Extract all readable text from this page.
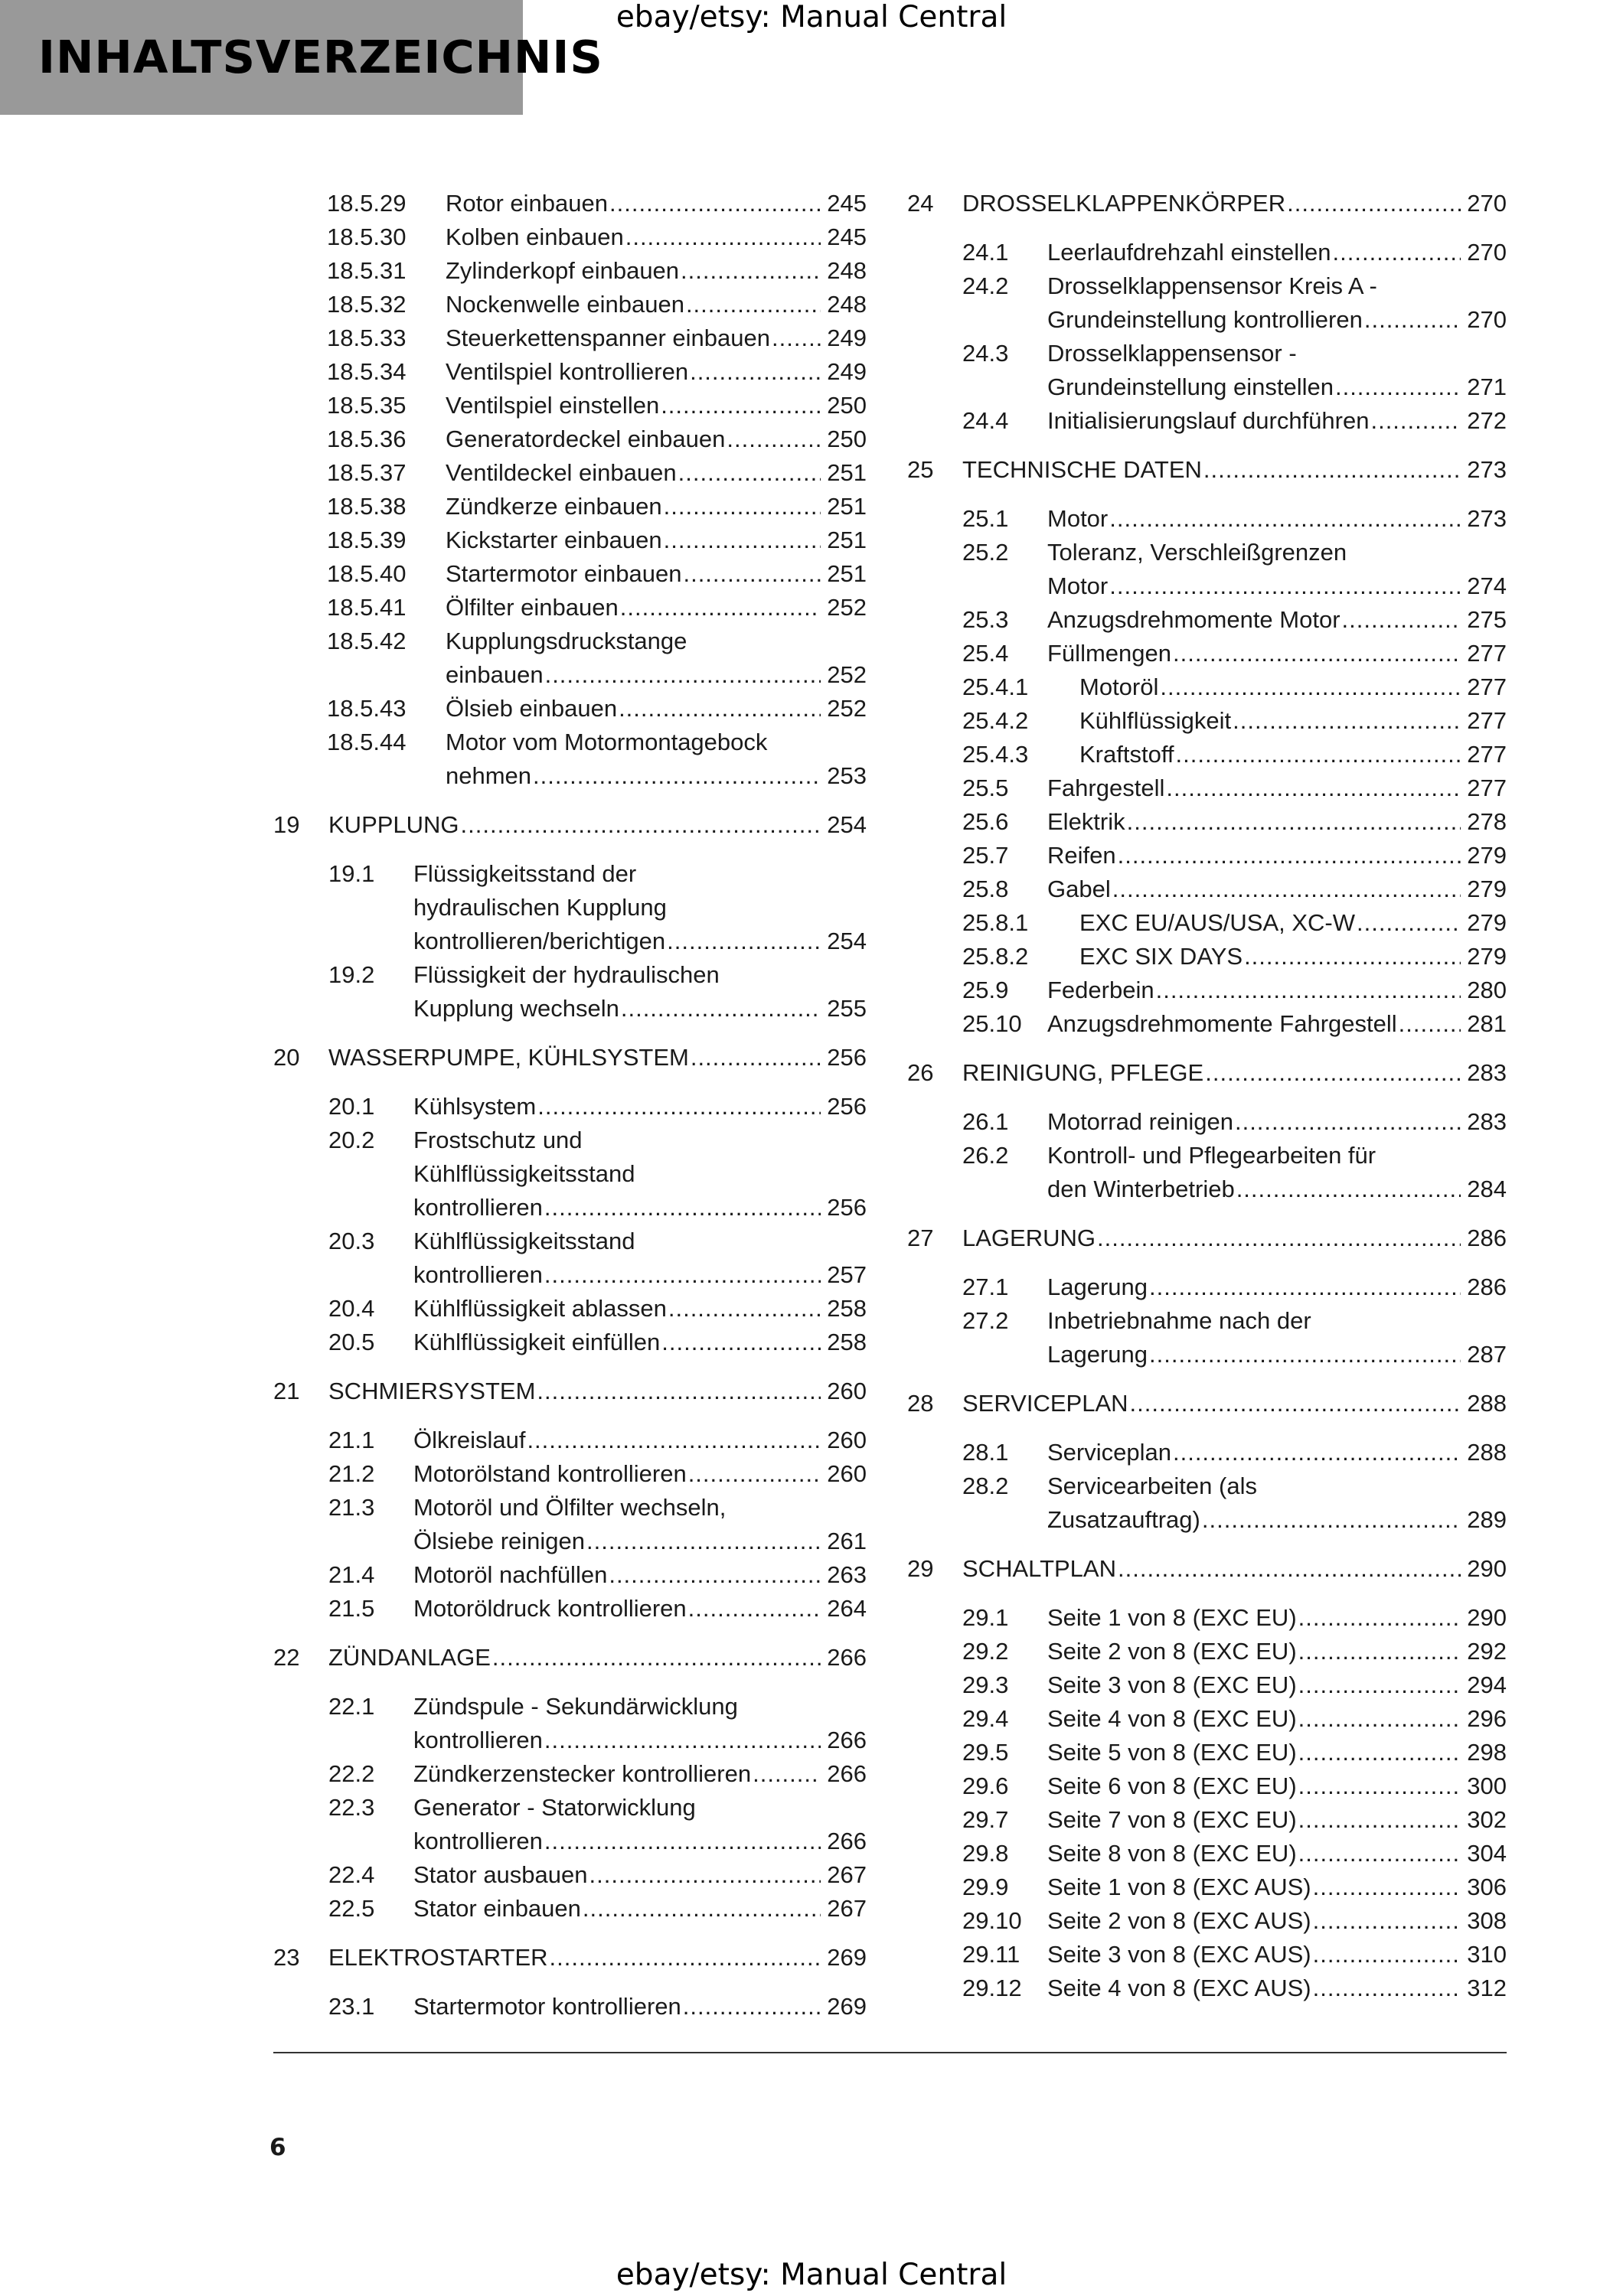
INHALTSVERZEICHNIS
ebay/etsy: Manual Central
18.5.29 Rotor einbauen .....	245
18.5.30 Kolben einbauen .....	245
18.5.31 Zylinderkopf einbauen .....	248
18.5.32 Nockenwelle einbauen .....	248
18.5.33 Steuerkettenspanner einbauen ..... 249
18.5.34 Ventilspiel kontrollieren .....	249
18.5.35 Ventilspiel einstellen .....	250
18.5.36 Generatordeckel einbauen .....	250
18.5.37 Ventildeckel einbauen .....	251
18.5.38 Zündkerze einbauen .....	251
18.5.39 Kickstarter einbauen .....	251
18.5.40 Startermotor einbauen .....	251
18.5.41 Ölfilter einbauen .....	252
18.5.42 Kupplungsdruckstange
einbauen .....	252
18.5.43 Ölsieb einbauen .....	252
18.5.44 Motor vom Motormontagebock
nehmen .....	253
19 KUPPLUNG .....	254
19.1 Flüssigkeitsstand der
hydraulischen Kupplung
kontrollieren/berichtigen .....	254
19.2 Flüssigkeit der hydraulischen
Kupplung wechseln .....	255
20 WASSERPUMPE, KÜHLSYSTEM .....	256
20.1 Kühlsystem .....	256
20.2 Frostschutz und
Kühlflüssigkeitsstand
kontrollieren .....	256
20.3 Kühlflüssigkeitsstand
kontrollieren .....	257
20.4 Kühlflüssigkeit ablassen .....	258
20.5 Kühlflüssigkeit einfüllen .....	258
21 SCHMIERSYSTEM .....	260
21.1 Ölkreislauf .....	260
21.2 Motorölstand kontrollieren .....	260
21.3 Motoröl und Ölfilter wechseln,
Ölsiebe reinigen .....	261
21.4 Motoröl nachfüllen .....	263
21.5 Motoröldruck kontrollieren .....	264
22 ZÜNDANLAGE .....	266
22.1 Zündspule - Sekundärwicklung
kontrollieren .....	266
22.2 Zündkerzenstecker kontrollieren .....	266
22.3 Generator - Statorwicklung
kontrollieren .....	266
22.4 Stator ausbauen .....	267
22.5 Stator einbauen .....	267
23 ELEKTROSTARTER .....	269
23.1 Startermotor kontrollieren .....	269
24 DROSSELKLAPPENKÖRPER .....	270
24.1 Leerlaufdrehzahl einstellen .....	270
24.2 Drosselklappensensor Kreis A -
Grundeinstellung kontrollieren .....	270
24.3 Drosselklappensensor -
Grundeinstellung einstellen .....	271
24.4 Initialisierungslauf durchführen .....	272
25 TECHNISCHE DATEN .....	273
25.1 Motor .....	273
25.2 Toleranz, Verschleißgrenzen
Motor .....	274
25.3 Anzugsdrehmomente Motor .....	275
25.4 Füllmengen .....	277
25.4.1 Motoröl .....	277
25.4.2 Kühlflüssigkeit .....	277
25.4.3 Kraftstoff .....	277
25.5 Fahrgestell .....	277
25.6 Elektrik .....	278
25.7 Reifen .....	279
25.8 Gabel .....	279
25.8.1 EXC EU/AUS/USA, XC-W .....	279
25.8.2 EXC SIX DAYS .....	279
25.9 Federbein .....	280
25.10 Anzugsdrehmomente Fahrgestell .....	281
26 REINIGUNG, PFLEGE .....	283
26.1 Motorrad reinigen .....	283
26.2 Kontroll- und Pflegearbeiten für
den Winterbetrieb .....	284
27 LAGERUNG .....	286
27.1 Lagerung .....	286
27.2 Inbetriebnahme nach der
Lagerung .....	287
28 SERVICEPLAN .....	288
28.1 Serviceplan .....	288
28.2 Servicearbeiten (als
Zusatzauftrag) .....	289
29 SCHALTPLAN .....	290
29.1 Seite 1 von 8 (EXC EU) .....	290
29.2 Seite 2 von 8 (EXC EU) .....	292
29.3 Seite 3 von 8 (EXC EU) .....	294
29.4 Seite 4 von 8 (EXC EU) .....	296
29.5 Seite 5 von 8 (EXC EU) .....	298
29.6 Seite 6 von 8 (EXC EU) .....	300
29.7 Seite 7 von 8 (EXC EU) .....	302
29.8 Seite 8 von 8 (EXC EU) .....	304
29.9 Seite 1 von 8 (EXC AUS) .....	306
29.10 Seite 2 von 8 (EXC AUS) .....	308
29.11 Seite 3 von 8 (EXC AUS) .....	310
29.12 Seite 4 von 8 (EXC AUS) .....	312
6
ebay/etsy: Manual Central
